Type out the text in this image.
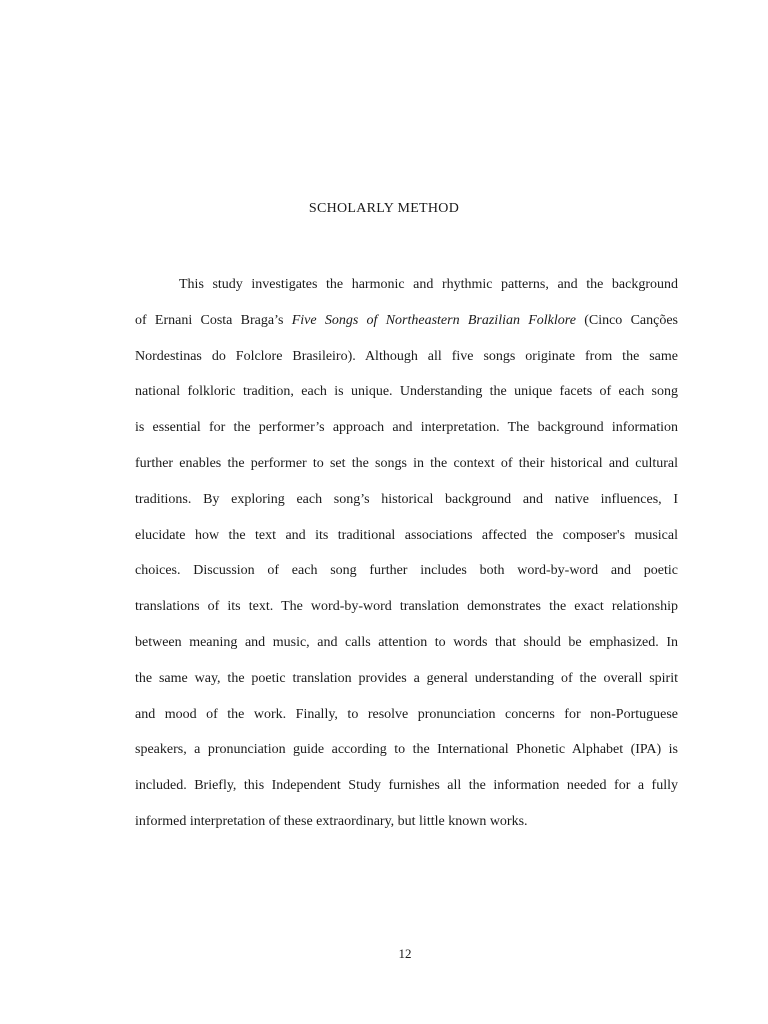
SCHOLARLY METHOD
This study investigates the harmonic and rhythmic patterns, and the background
of Ernani Costa Braga’s Five Songs of Northeastern Brazilian Folklore (Cinco Canções
Nordestinas do Folclore Brasileiro). Although all five songs originate from the same
national folkloric tradition, each is unique. Understanding the unique facets of each song
is essential for the performer’s approach and interpretation. The background information
further enables the performer to set the songs in the context of their historical and cultural
traditions. By exploring each song’s historical background and native influences, I
elucidate how the text and its traditional associations affected the composer's musical
choices. Discussion of each song further includes both word-by-word and poetic
translations of its text. The word-by-word translation demonstrates the exact relationship
between meaning and music, and calls attention to words that should be emphasized. In
the same way, the poetic translation provides a general understanding of the overall spirit
and mood of the work. Finally, to resolve pronunciation concerns for non-Portuguese
speakers, a pronunciation guide according to the International Phonetic Alphabet (IPA) is
included. Briefly, this Independent Study furnishes all the information needed for a fully
informed interpretation of these extraordinary, but little known works.

12
